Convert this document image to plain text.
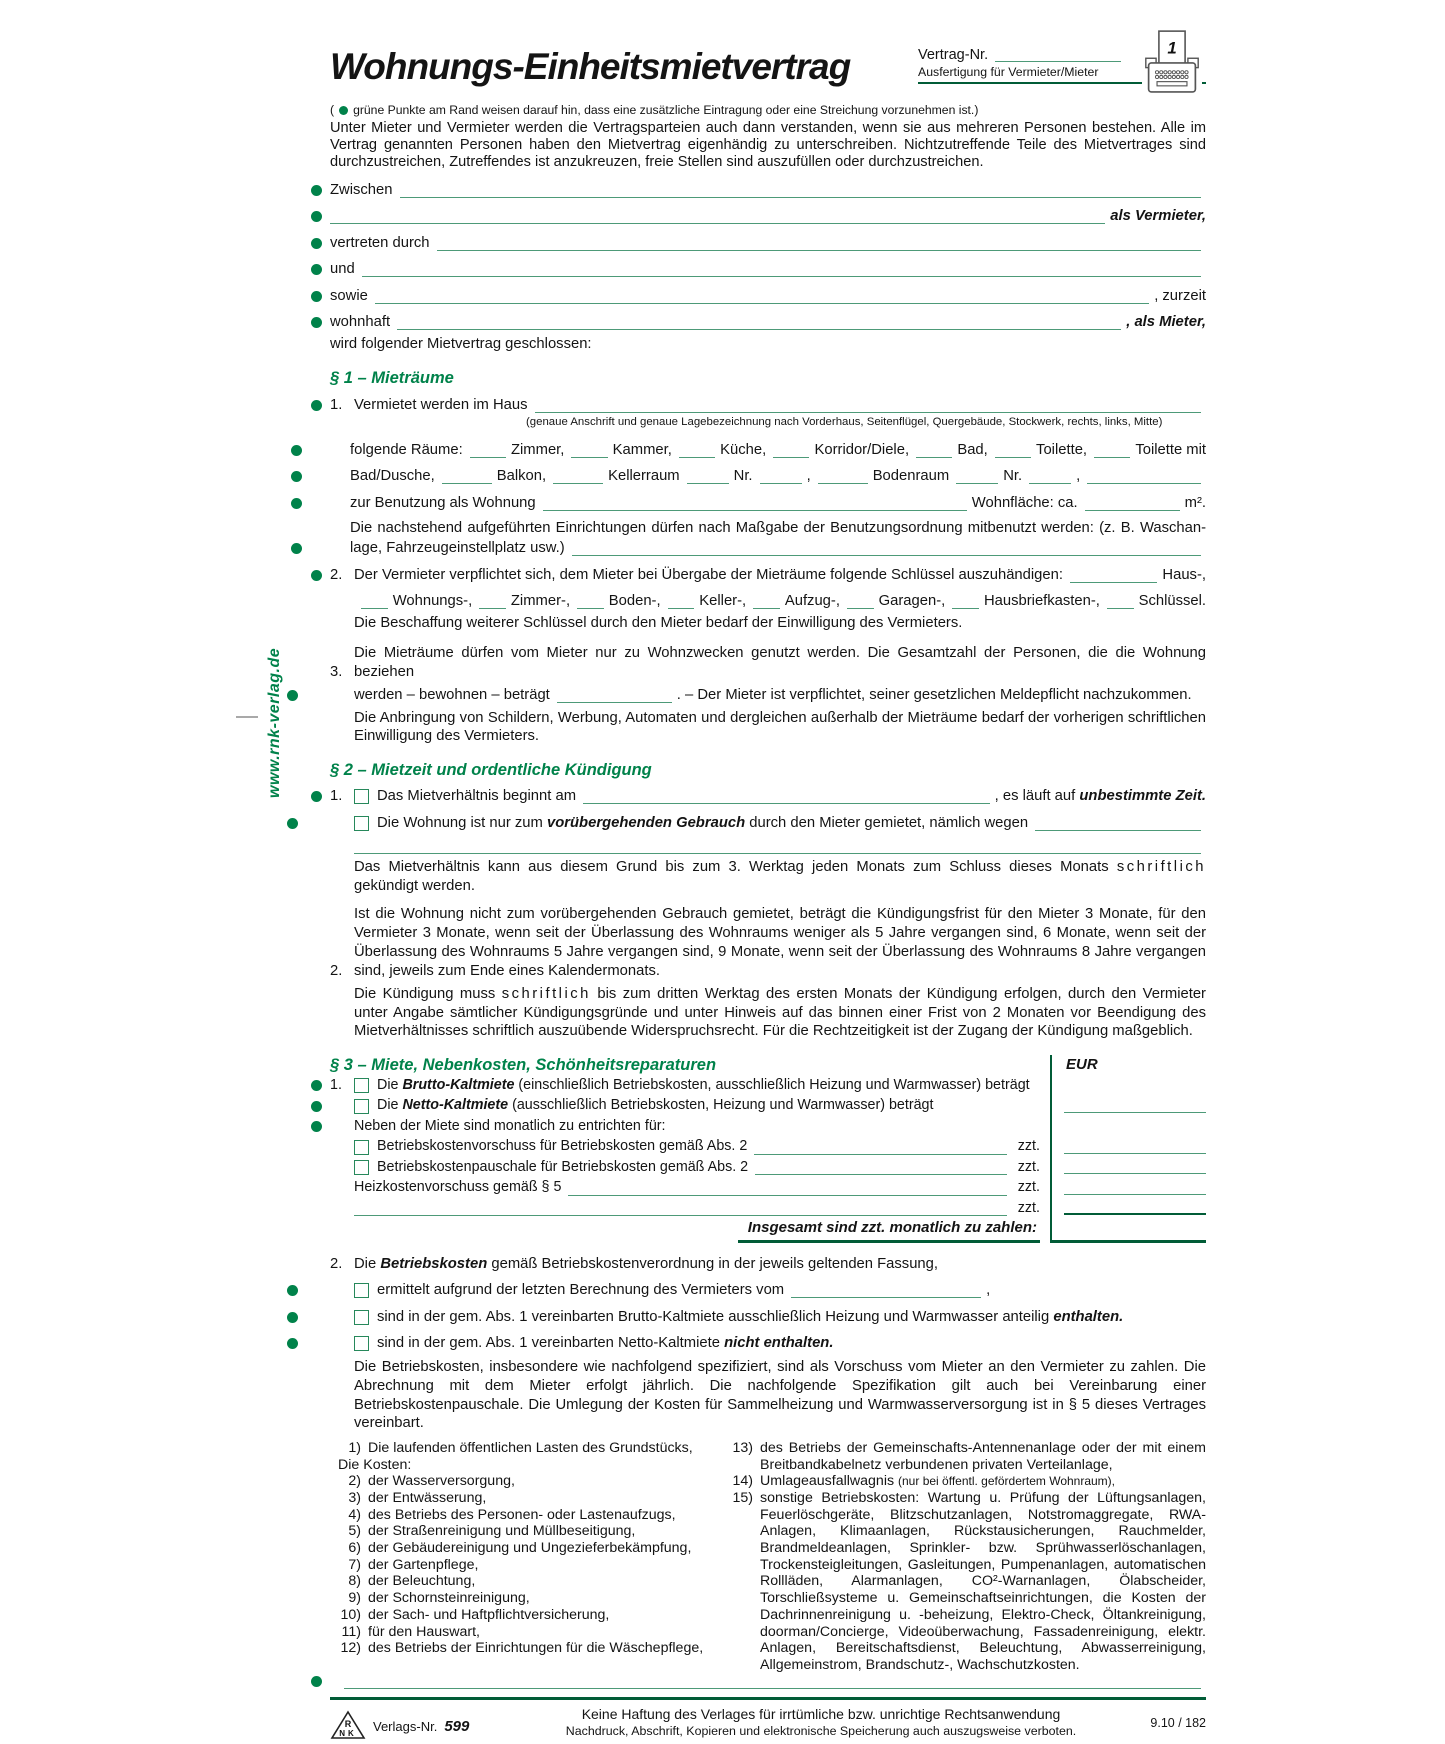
www.rnk-verlag.de
Wohnungs-Einheitsmietvertrag	Vertrag-Nr.
Ausfertigung für Vermieter/Mieter
1
( grüne Punkte am Rand weisen darauf hin, dass eine zusätzliche Eintragung oder eine Streichung vorzunehmen ist.)
Unter Mieter und Vermieter werden die Vertragsparteien auch dann verstanden, wenn sie aus mehreren Personen bestehen. Alle im Vertrag genannten Personen haben den Mietvertrag eigenhändig zu unterschreiben. Nichtzutreffende Teile des Mietvertrages sind durchzustreichen, Zutreffendes ist anzukreuzen, freie Stellen sind auszufüllen oder durchzustreichen.
Zwischen
als Vermieter,
vertreten durch
und
sowie	, zurzeit
wohnhaft	, als Mieter,
wird folgender Mietvertrag geschlossen:
§ 1 – Mieträume
1. Vermietet werden im Haus
(genaue Anschrift und genaue Lagebezeichnung nach Vorderhaus, Seitenflügel, Quergebäude, Stockwerk, rechts, links, Mitte)
folgende Räume:	Zimmer,	Kammer,	Küche,	Korridor/Diele,	Bad,	Toilette,	Toilette mit
Bad/Dusche,	Balkon,	Kellerraum	Nr.	,	Bodenraum	Nr.	,
zur Benutzung als Wohnung	Wohnfläche: ca.	m².
Die nachstehend aufgeführten Einrichtungen dürfen nach Maßgabe der Benutzungsordnung mitbenutzt werden: (z. B. Waschan-
lage, Fahrzeugeinstellplatz usw.)
2. Der Vermieter verpflichtet sich, dem Mieter bei Übergabe der Mieträume folgende Schlüssel auszuhändigen:	Haus-,
Wohnungs-,	Zimmer-,	Boden-,	Keller-,	Aufzug-,	Garagen-,	Hausbriefkasten-,	Schlüssel.
Die Beschaffung weiterer Schlüssel durch den Mieter bedarf der Einwilligung des Vermieters.
3.
Die Mieträume dürfen vom Mieter nur zu Wohnzwecken genutzt werden. Die Gesamtzahl der Personen, die die Wohnung beziehen
werden – bewohnen – beträgt	. – Der Mieter ist verpflichtet, seiner gesetzlichen Meldepflicht nachzukommen.
Die Anbringung von Schildern, Werbung, Automaten und dergleichen außerhalb der Mieträume bedarf der vorherigen schriftlichen Einwilligung des Vermieters.
§ 2 – Mietzeit und ordentliche Kündigung
1.	Das Mietverhältnis beginnt am	, es läuft auf
unbestimmte Zeit.
Die Wohnung ist nur zum
vorübergehenden Gebrauch
durch den Mieter gemietet, nämlich wegen
Das Mietverhältnis kann aus diesem Grund bis zum 3. Werktag jeden Monats zum Schluss dieses Monats schriftlich gekündigt werden.
2.
Ist die Wohnung nicht zum vorübergehenden Gebrauch gemietet, beträgt die Kündigungsfrist für den Mieter 3 Monate, für den Vermieter 3 Monate, wenn seit der Überlassung des Wohnraums weniger als 5 Jahre vergangen sind, 6 Monate, wenn seit der Überlassung des Wohnraums 5 Jahre vergangen sind, 9 Monate, wenn seit der Überlassung des Wohnraums 8 Jahre vergangen sind, jeweils zum Ende eines Kalendermonats.
Die Kündigung muss schriftlich bis zum dritten Werktag des ersten Monats der Kündigung erfolgen, durch den Vermieter unter Angabe sämtlicher Kündigungsgründe und unter Hinweis auf das binnen einer Frist von 2 Monaten vor Beendigung des Mietverhältnisses schriftlich auszuübende Widerspruchsrecht. Für die Rechtzeitigkeit ist der Zugang der Kündigung maßgeblich.
§ 3 – Miete, Nebenkosten, Schönheitsreparaturen	EUR
1.	Die
Brutto-Kaltmiete
(einschließlich Betriebskosten, ausschließlich Heizung und Warmwasser) beträgt
Die
Netto-Kaltmiete
(ausschließlich Betriebskosten, Heizung und Warmwasser) beträgt
Neben der Miete sind monatlich zu entrichten für:
Betriebskostenvorschuss für Betriebskosten gemäß Abs. 2	zzt.
Betriebskostenpauschale für Betriebskosten gemäß Abs. 2	zzt.
Heizkostenvorschuss gemäß § 5	zzt.
zzt.
Insgesamt sind zzt. monatlich zu zahlen:
2. Die
Betriebskosten
gemäß Betriebskostenverordnung in der jeweils geltenden Fassung,
ermittelt aufgrund der letzten Berechnung des Vermieters vom	,
sind in der gem. Abs. 1 vereinbarten Brutto-Kaltmiete ausschließlich Heizung und Warmwasser anteilig
enthalten.
sind in der gem. Abs. 1 vereinbarten Netto-Kaltmiete
nicht enthalten.
Die Betriebskosten, insbesondere wie nachfolgend spezifiziert, sind als Vorschuss vom Mieter an den Vermieter zu zahlen. Die Abrechnung mit dem Mieter erfolgt jährlich. Die nachfolgende Spezifikation gilt auch bei Vereinbarung einer Betriebskostenpauschale. Die Umlegung der Kosten für Sammelheizung und Warmwasserversorgung ist in § 5 dieses Vertrages vereinbart.
1) Die laufenden öffentlichen Lasten des Grundstücks,
Die Kosten:
2) der Wasserversorgung,
3) der Entwässerung,
4) des Betriebs des Personen- oder Lastenaufzugs,
5) der Straßenreinigung und Müllbeseitigung,
6) der Gebäudereinigung und Ungezieferbekämpfung,
7) der Gartenpflege,
8) der Beleuchtung,
9) der Schornsteinreinigung,
10) der Sach- und Haftpflichtversicherung,
11) für den Hauswart,
12) des Betriebs der Einrichtungen für die Wäschepflege,
13) des Betriebs der Gemeinschafts-Antennenanlage oder der mit einem Breitbandkabelnetz verbundenen privaten Verteilanlage,
14) Umlageausfallwagnis (nur bei öffentl. gefördertem Wohnraum),
15) sonstige Betriebskosten: Wartung u. Prüfung der Lüftungsanlagen, Feuerlöschgeräte, Blitzschutzanlagen, Notstromaggregate, RWA-Anlagen, Klimaanlagen, Rückstausicherungen, Rauchmelder, Brandmeldeanlagen, Sprinkler- bzw. Sprühwasserlöschanlagen, Trockensteigleitungen, Gasleitungen, Pumpenanlagen, automatischen Rollläden, Alarmanlagen, CO²-Warnanlagen, Ölabscheider, Torschließsysteme u. Gemeinschaftseinrichtungen, die Kosten der Dachrinnenreinigung u. -beheizung, Elektro-Check, Öltankreinigung, doorman/Concierge, Videoüberwachung, Fassadenreinigung, elektr. Anlagen, Bereitschaftsdienst, Beleuchtung, Abwasserreinigung, Allgemeinstrom, Brandschutz-, Wachschutzkosten.
R
NK Verlags-Nr. 599
Keine Haftung des Verlages für irrtümliche bzw. unrichtige Rechtsanwendung
Nachdruck, Abschrift, Kopieren und elektronische Speicherung auch auszugsweise verboten.
9.10 / 182
